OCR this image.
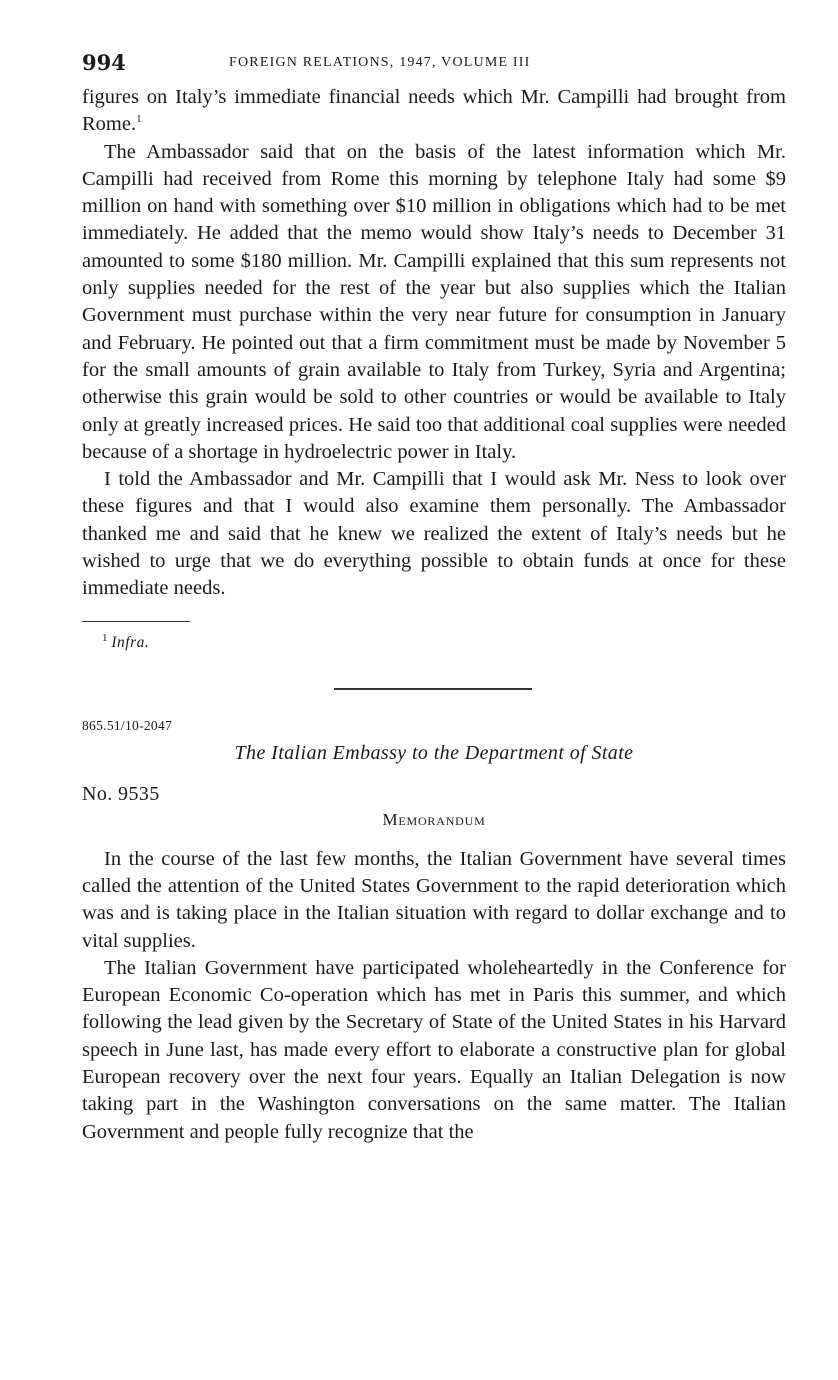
994	FOREIGN RELATIONS, 1947, VOLUME III

figures on Italy’s immediate financial needs which Mr. Campilli had brought from Rome.$^1$

The Ambassador said that on the basis of the latest information which Mr. Campilli had received from Rome this morning by telephone Italy had some $9 million on hand with something over $10 million in obligations which had to be met immediately. He added that the memo would show Italy’s needs to December 31 amounted to some $180 million. Mr. Campilli explained that this sum represents not only supplies needed for the rest of the year but also supplies which the Italian Government must purchase within the very near future for consumption in January and February. He pointed out that a firm commitment must be made by November 5 for the small amounts of grain available to Italy from Turkey, Syria and Argentina; otherwise this grain would be sold to other countries or would be available to Italy only at greatly increased prices. He said too that additional coal supplies were needed because of a shortage in hydroelectric power in Italy.

I told the Ambassador and Mr. Campilli that I would ask Mr. Ness to look over these figures and that I would also examine them personally. The Ambassador thanked me and said that he knew we realized the extent of Italy’s needs but he wished to urge that we do everything possible to obtain funds at once for these immediate needs.

$^1$ Infra.
865.51/10-2047
The Italian Embassy to the Department of State
No. 9535
Memorandum

In the course of the last few months, the Italian Government have several times called the attention of the United States Government to the rapid deterioration which was and is taking place in the Italian situation with regard to dollar exchange and to vital supplies.

The Italian Government have participated wholeheartedly in the Conference for European Economic Co-operation which has met in Paris this summer, and which following the lead given by the Secretary of State of the United States in his Harvard speech in June last, has made every effort to elaborate a constructive plan for global European recovery over the next four years. Equally an Italian Delegation is now taking part in the Washington conversations on the same matter. The Italian Government and people fully recognize that the
